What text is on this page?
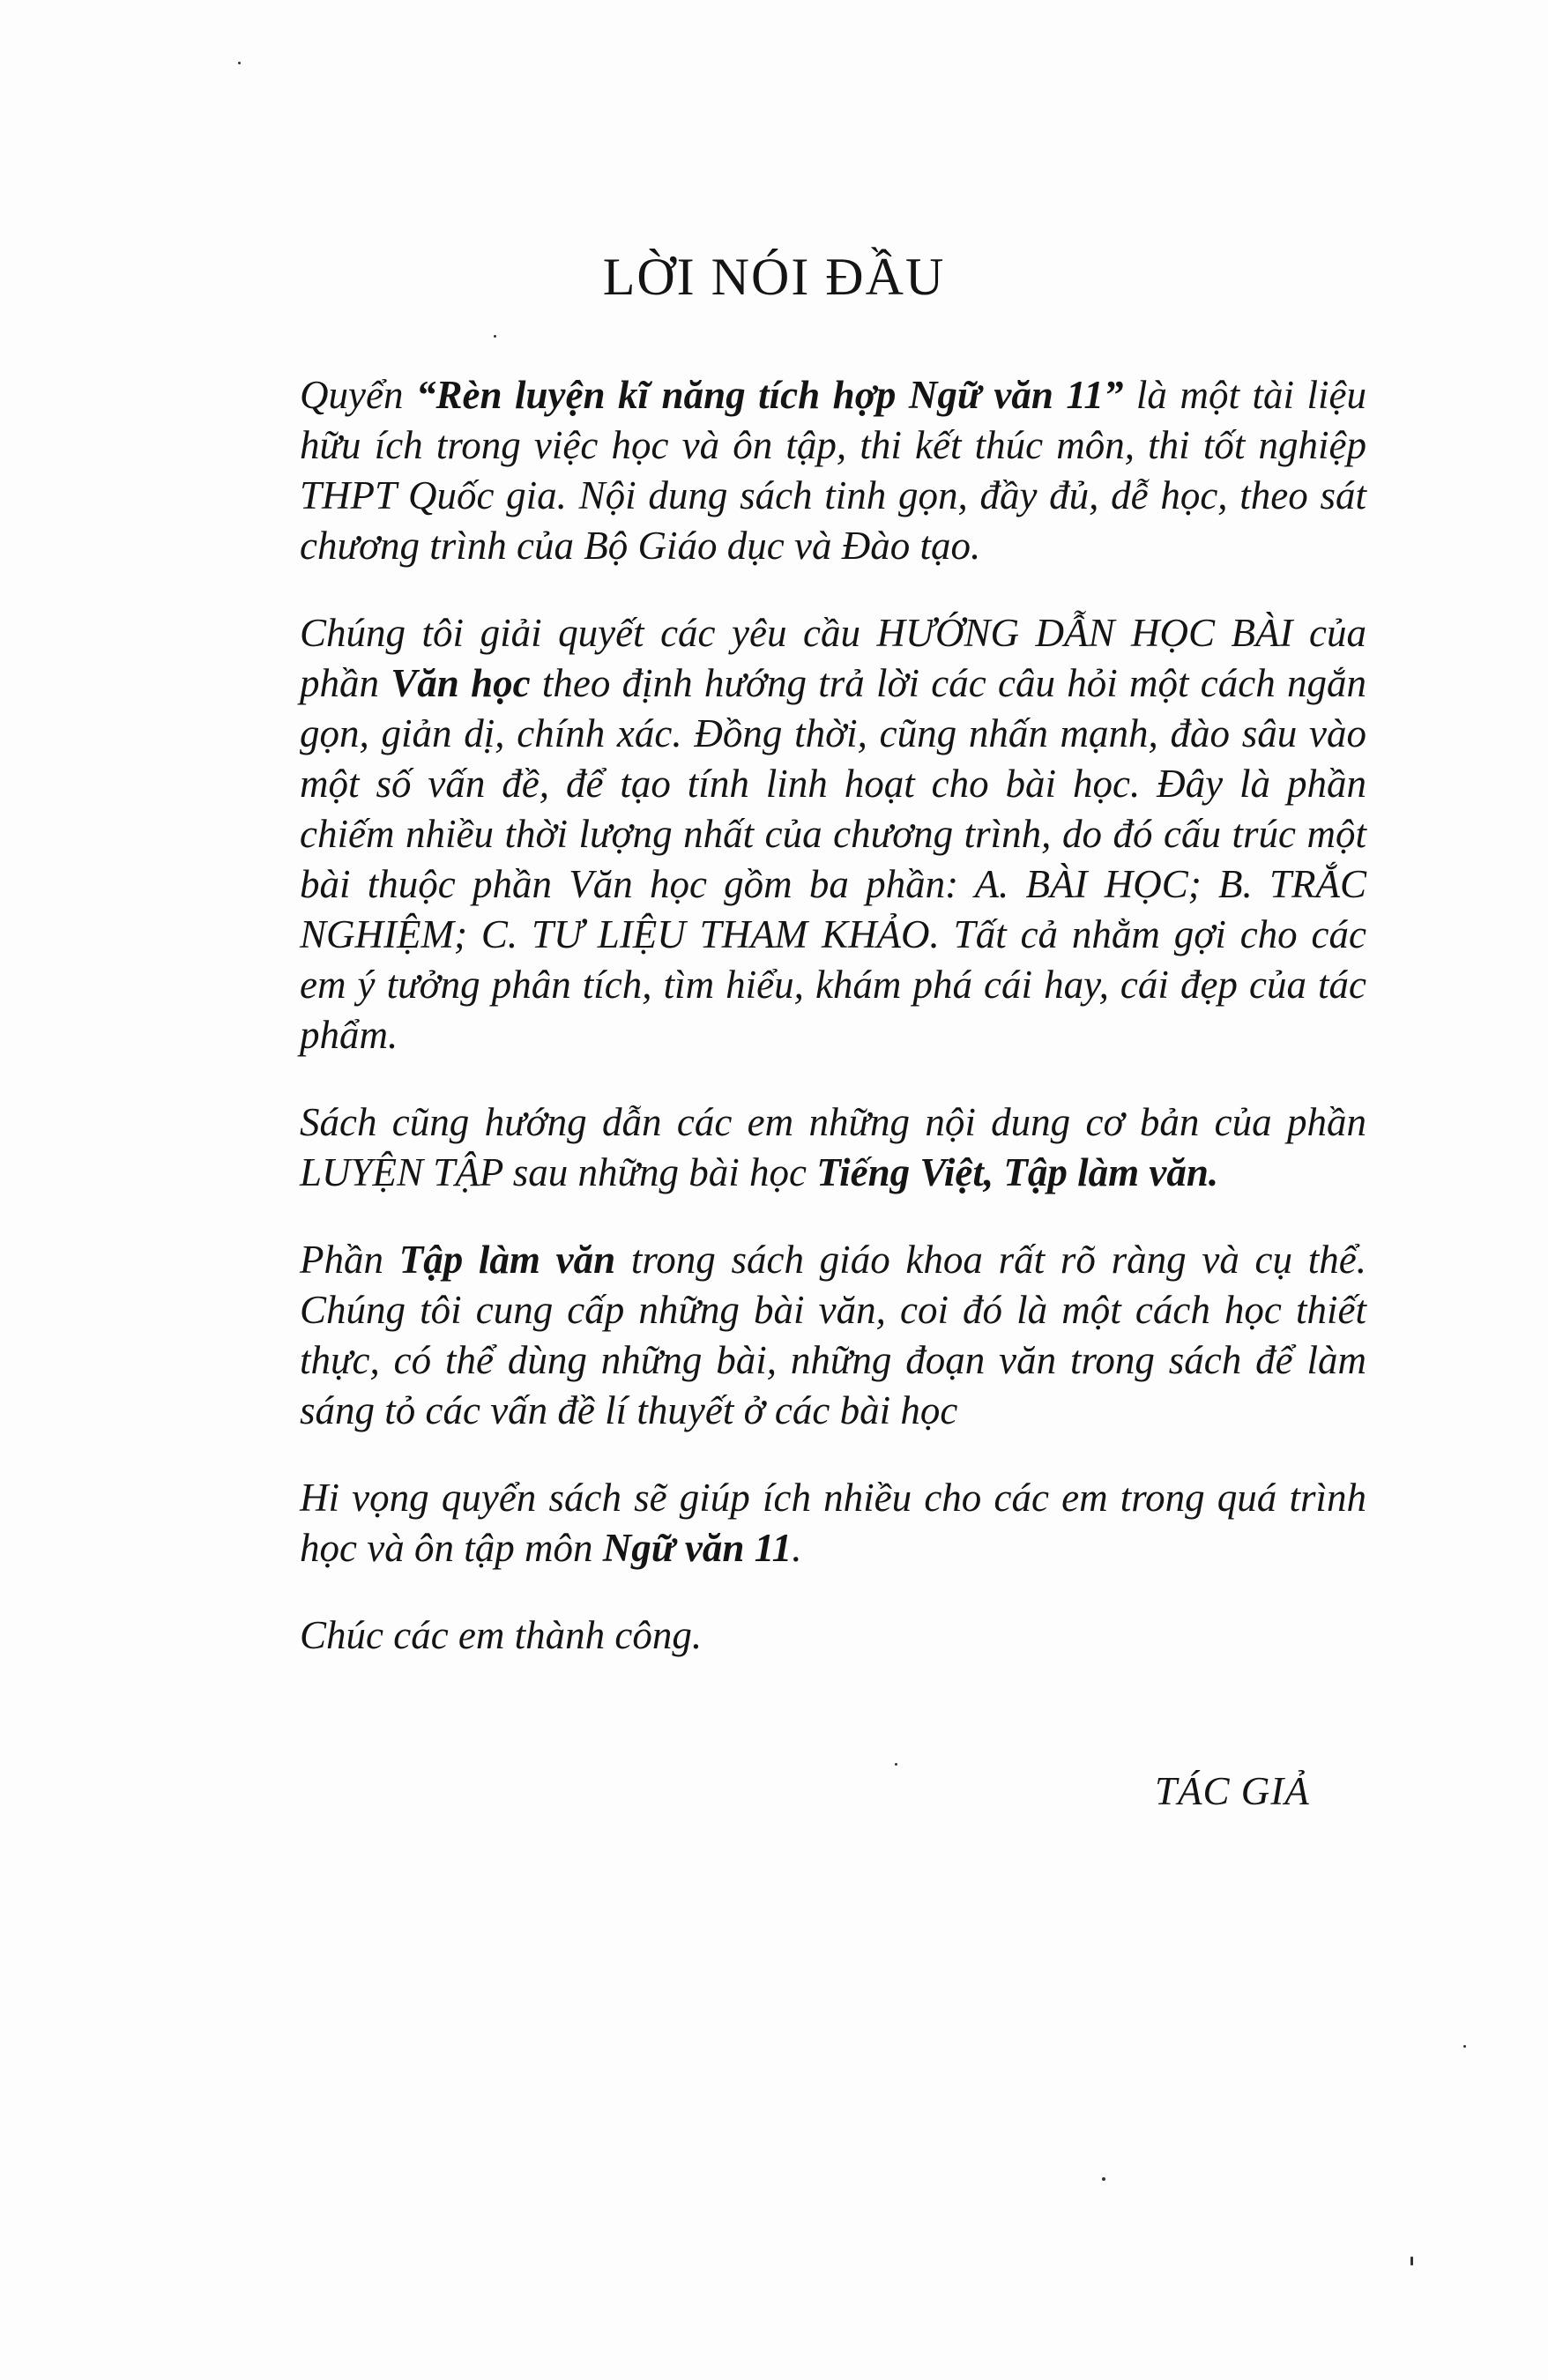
LỜI NÓI ĐẦU

Quyển “Rèn luyện kĩ năng tích hợp Ngữ văn 11” là một tài liệu hữu ích trong việc học và ôn tập, thi kết thúc môn, thi tốt nghiệp THPT Quốc gia. Nội dung sách tinh gọn, đầy đủ, dễ học, theo sát chương trình của Bộ Giáo dục và Đào tạo.

Chúng tôi giải quyết các yêu cầu HƯỚNG DẪN HỌC BÀI của phần Văn học theo định hướng trả lời các câu hỏi một cách ngắn gọn, giản dị, chính xác. Đồng thời, cũng nhấn mạnh, đào sâu vào một số vấn đề, để tạo tính linh hoạt cho bài học. Đây là phần chiếm nhiều thời lượng nhất của chương trình, do đó cấu trúc một bài thuộc phần Văn học gồm ba phần: A. BÀI HỌC; B. TRẮC NGHIỆM; C. TƯ LIỆU THAM KHẢO. Tất cả nhằm gợi cho các em ý tưởng phân tích, tìm hiểu, khám phá cái hay, cái đẹp của tác phẩm.

Sách cũng hướng dẫn các em những nội dung cơ bản của phần LUYỆN TẬP sau những bài học Tiếng Việt, Tập làm văn.

Phần Tập làm văn trong sách giáo khoa rất rõ ràng và cụ thể. Chúng tôi cung cấp những bài văn, coi đó là một cách học thiết thực, có thể dùng những bài, những đoạn văn trong sách để làm sáng tỏ các vấn đề lí thuyết ở các bài học

Hi vọng quyển sách sẽ giúp ích nhiều cho các em trong quá trình học và ôn tập môn Ngữ văn 11.

Chúc các em thành công.

TÁC GIẢ
